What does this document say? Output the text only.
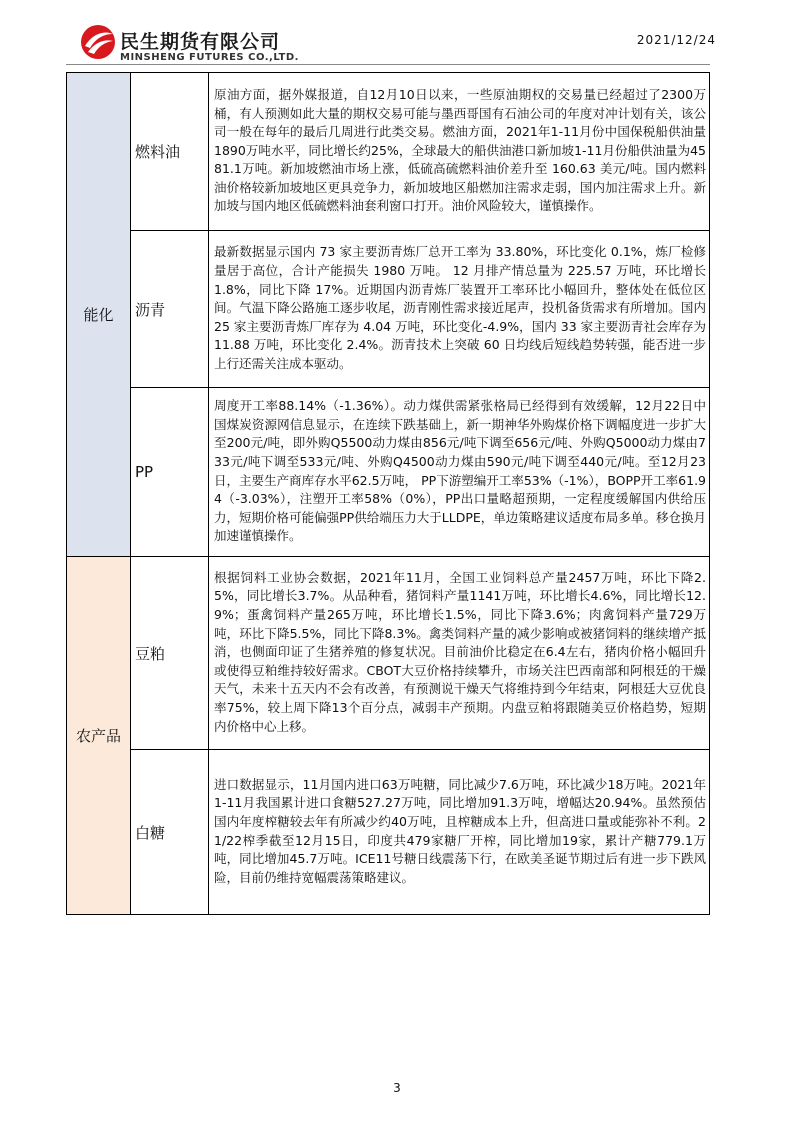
民生期货有限公司
MINSHENG FUTURES CO.,LTD.
2021/12/24
能化	燃料油	原油方面，据外媒报道，自12月10日以来，一些原油期权的交易量已经超过了2300万桶，有人预测如此大量的期权交易可能与墨西哥国有石油公司的年度对冲计划有关，该公司一般在每年的最后几周进行此类交易。燃油方面，2021年1-11月份中国保税船供油量1890万吨水平，同比增长约25%，全球最大的船供油港口新加坡1-11月份船供油量为4581.1万吨。新加坡燃油市场上涨，低硫高硫燃料油价差升至 160.63 美元/吨。国内燃料油价格较新加坡地区更具竞争力，新加坡地区船燃加注需求走弱，国内加注需求上升。新加坡与国内地区低硫燃料油套利窗口打开。油价风险较大，谨慎操作。
	沥青	最新数据显示国内 73 家主要沥青炼厂总开工率为 33.80%，环比变化 0.1%，炼厂检修量居于高位，合计产能损失 1980 万吨。 12 月排产情总量为 225.57 万吨，环比增长 1.8%，同比下降 17%。近期国内沥青炼厂装置开工率环比小幅回升，整体处在低位区间。气温下降公路施工逐步收尾，沥青刚性需求接近尾声，投机备货需求有所增加。国内 25 家主要沥青炼厂库存为 4.04 万吨，环比变化-4.9%，国内 33 家主要沥青社会库存为 11.88 万吨，环比变化 2.4%。沥青技术上突破 60 日均线后短线趋势转强，能否进一步上行还需关注成本驱动。
	PP	周度开工率88.14%（-1.36%）。动力煤供需紧张格局已经得到有效缓解，12月22日中国煤炭资源网信息显示，在连续下跌基础上，新一期神华外购煤价格下调幅度进一步扩大至200元/吨，即外购Q5500动力煤由856元/吨下调至656元/吨、外购Q5000动力煤由733元/吨下调至533元/吨、外购Q4500动力煤由590元/吨下调至440元/吨。至12月23日，主要生产商库存水平62.5万吨， PP下游塑编开工率53%（-1%），BOPP开工率61.94（-3.03%），注塑开工率58%（0%），PP出口量略超预期，一定程度缓解国内供给压力，短期价格可能偏强PP供给端压力大于LLDPE，单边策略建议适度布局多单。移仓换月加速谨慎操作。
农产品	豆粕	根据饲料工业协会数据，2021年11月，全国工业饲料总产量2457万吨，环比下降2.5%，同比增长3.7%。从品种看，猪饲料产量1141万吨，环比增长4.6%，同比增长12.9%；蛋禽饲料产量265万吨，环比增长1.5%，同比下降3.6%；肉禽饲料产量729万吨，环比下降5.5%，同比下降8.3%。禽类饲料产量的减少影响或被猪饲料的继续增产抵消，也侧面印证了生猪养殖的修复状况。目前油价比稳定在6.4左右，猪肉价格小幅回升或使得豆粕维持较好需求。CBOT大豆价格持续攀升，市场关注巴西南部和阿根廷的干燥天气，未来十五天内不会有改善，有预测说干燥天气将维持到今年结束，阿根廷大豆优良率75%，较上周下降13个百分点，减弱丰产预期。内盘豆粕将跟随美豆价格趋势，短期内价格中心上移。
	白糖	进口数据显示，11月国内进口63万吨糖，同比减少7.6万吨，环比减少18万吨。2021年1-11月我国累计进口食糖527.27万吨，同比增加91.3万吨，增幅达20.94%。虽然预估国内年度榨糖较去年有所减少约40万吨，且榨糖成本上升，但高进口量或能弥补不利。21/22榨季截至12月15日，印度共479家糖厂开榨，同比增加19家，累计产糖779.1万吨，同比增加45.7万吨。ICE11号糖日线震荡下行，在欧美圣诞节期过后有进一步下跌风险，目前仍维持宽幅震荡策略建议。
3
